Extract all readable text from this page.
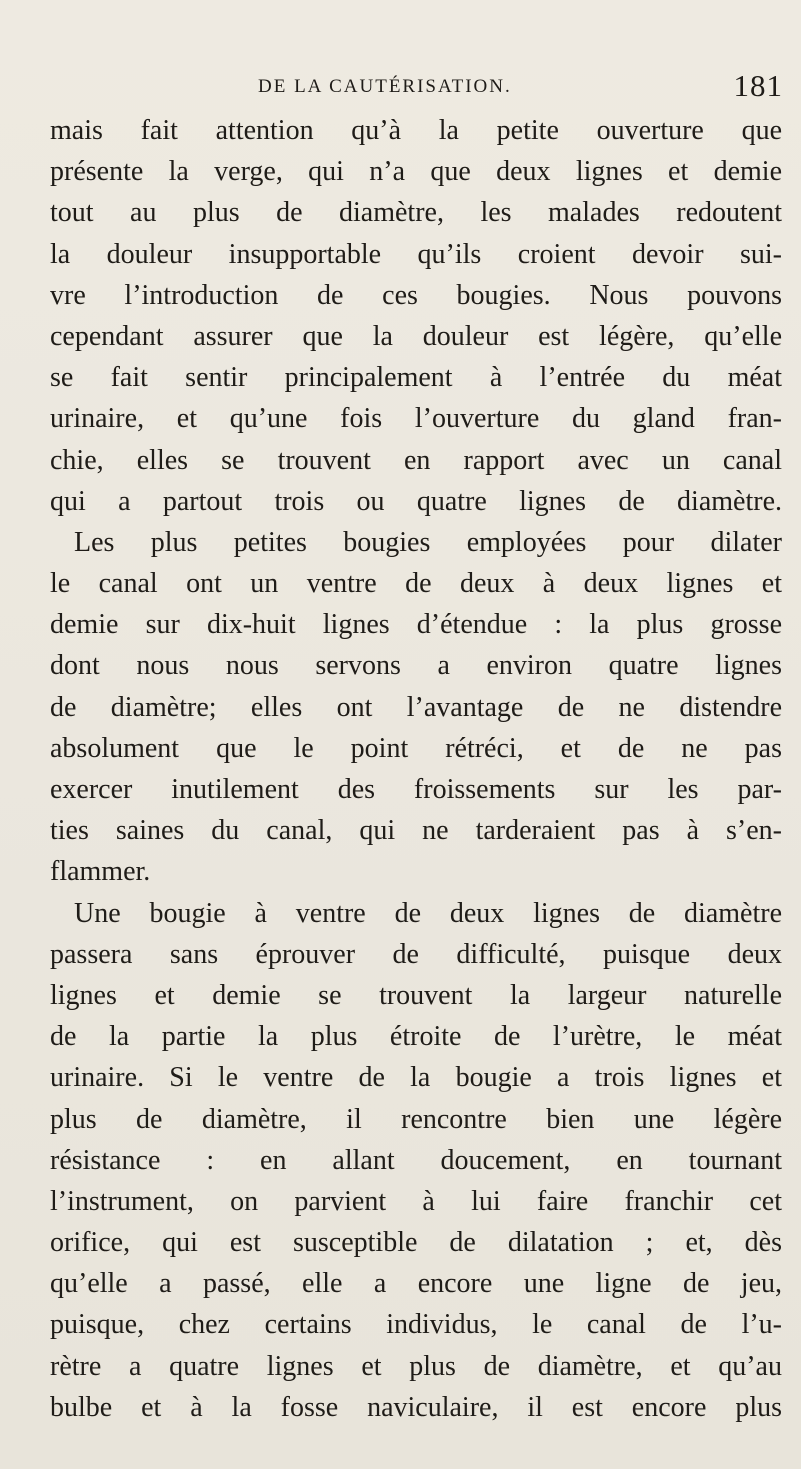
DE LA CAUTÉRISATION.	181
mais fait attention qu’à la petite ouverture que
présente la verge, qui n’a que deux lignes et demie
tout au plus de diamètre, les malades redoutent
la douleur insupportable qu’ils croient devoir sui-
vre l’introduction de ces bougies. Nous pouvons
cependant assurer que la douleur est légère, qu’elle
se fait sentir principalement à l’entrée du méat
urinaire, et qu’une fois l’ouverture du gland fran-
chie, elles se trouvent en rapport avec un canal
qui a partout trois ou quatre lignes de diamètre.
Les plus petites bougies employées pour dilater
le canal ont un ventre de deux à deux lignes et
demie sur dix-huit lignes d’étendue : la plus grosse
dont nous nous servons a environ quatre lignes
de diamètre; elles ont l’avantage de ne distendre
absolument que le point rétréci, et de ne pas
exercer inutilement des froissements sur les par-
ties saines du canal, qui ne tarderaient pas à s’en-
flammer.
Une bougie à ventre de deux lignes de diamètre
passera sans éprouver de difficulté, puisque deux
lignes et demie se trouvent la largeur naturelle
de la partie la plus étroite de l’urètre, le méat
urinaire. Si le ventre de la bougie a trois lignes et
plus de diamètre, il rencontre bien une légère
résistance : en allant doucement, en tournant
l’instrument, on parvient à lui faire franchir cet
orifice, qui est susceptible de dilatation ; et, dès
qu’elle a passé, elle a encore une ligne de jeu,
puisque, chez certains individus, le canal de l’u-
rètre a quatre lignes et plus de diamètre, et qu’au
bulbe et à la fosse naviculaire, il est encore plus
